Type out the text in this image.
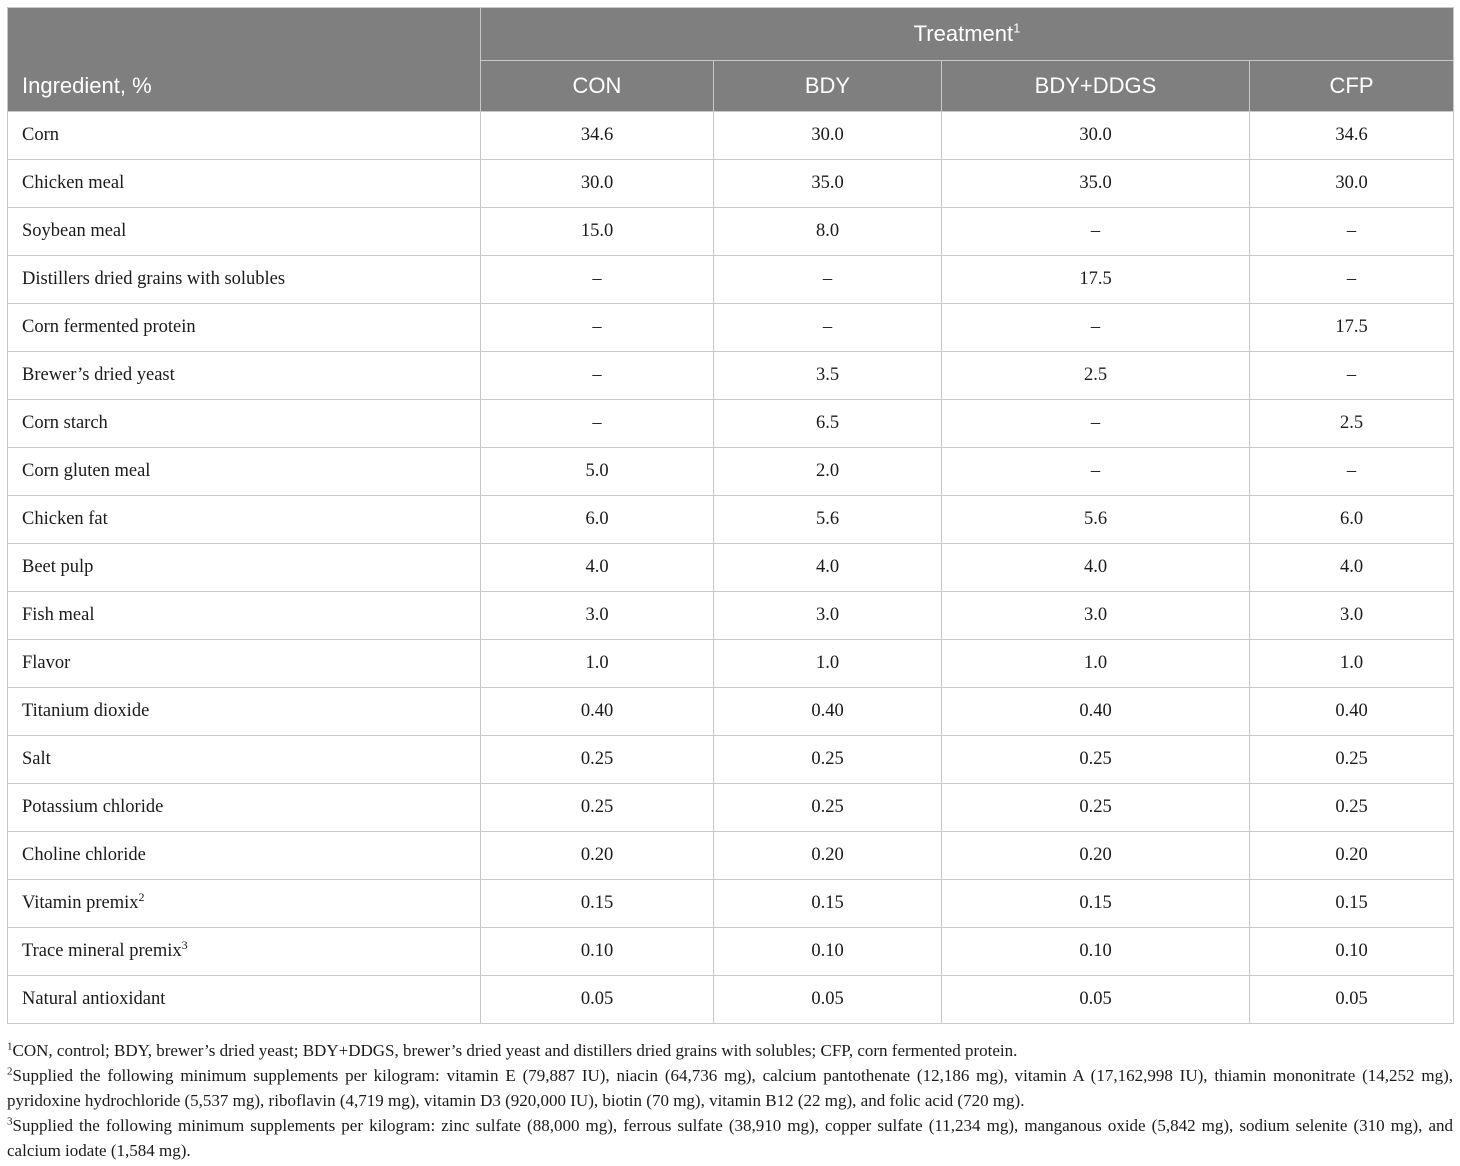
Ingredient, %	Treatment$^1$
	CON	BDY	BDY+DDGS	CFP
Corn	34.6	30.0	30.0	34.6
Chicken meal	30.0	35.0	35.0	30.0
Soybean meal	15.0	8.0	–	–
Distillers dried grains with solubles	–	–	17.5	–
Corn fermented protein	–	–	–	17.5
Brewer’s dried yeast	–	3.5	2.5	–
Corn starch	–	6.5	–	2.5
Corn gluten meal	5.0	2.0	–	–
Chicken fat	6.0	5.6	5.6	6.0
Beet pulp	4.0	4.0	4.0	4.0
Fish meal	3.0	3.0	3.0	3.0
Flavor	1.0	1.0	1.0	1.0
Titanium dioxide	0.40	0.40	0.40	0.40
Salt	0.25	0.25	0.25	0.25
Potassium chloride	0.25	0.25	0.25	0.25
Choline chloride	0.20	0.20	0.20	0.20
Vitamin premix$^2$	0.15	0.15	0.15	0.15
Trace mineral premix$^3$	0.10	0.10	0.10	0.10
Natural antioxidant	0.05	0.05	0.05	0.05

$^1$CON, control; BDY, brewer’s dried yeast; BDY+DDGS, brewer’s dried yeast and distillers dried grains with solubles; CFP, corn fermented protein.

$^2$Supplied the following minimum supplements per kilogram: vitamin E (79,887 IU), niacin (64,736 mg), calcium pantothenate (12,186 mg), vitamin A (17,162,998 IU), thiamin mononitrate (14,252 mg), pyridoxine hydrochloride (5,537 mg), riboflavin (4,719 mg), vitamin D3 (920,000 IU), biotin (70 mg), vitamin B12 (22 mg), and folic acid (720 mg).

$^3$Supplied the following minimum supplements per kilogram: zinc sulfate (88,000 mg), ferrous sulfate (38,910 mg), copper sulfate (11,234 mg), manganous oxide (5,842 mg), sodium selenite (310 mg), and calcium iodate (1,584 mg).
